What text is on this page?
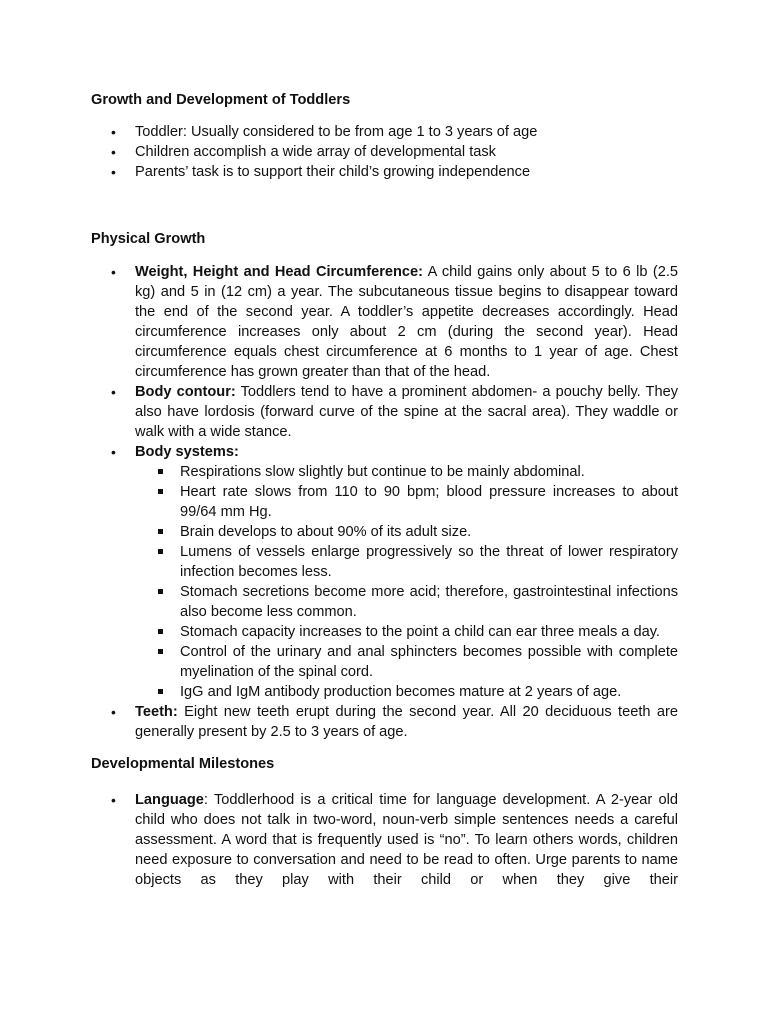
Growth and Development of Toddlers
• Toddler: Usually considered to be from age 1 to 3 years of age
• Children accomplish a wide array of developmental task
• Parents’ task is to support their child’s growing independence
Physical Growth
• Weight, Height and Head Circumference: A child gains only about 5 to 6 lb (2.5 kg) and 5 in (12 cm) a year. The subcutaneous tissue begins to disappear toward the end of the second year. A toddler’s appetite decreases accordingly. Head circumference increases only about 2 cm (during the second year). Head circumference equals chest circumference at 6 months to 1 year of age. Chest circumference has grown greater than that of the head.
• Body contour: Toddlers tend to have a prominent abdomen- a pouchy belly. They also have lordosis (forward curve of the spine at the sacral area). They waddle or walk with a wide stance.
• Body systems:
Respirations slow slightly but continue to be mainly abdominal.
Heart rate slows from 110 to 90 bpm; blood pressure increases to about 99/64 mm Hg.
Brain develops to about 90% of its adult size.
Lumens of vessels enlarge progressively so the threat of lower respiratory infection becomes less.
Stomach secretions become more acid; therefore, gastrointestinal infections also become less common.
Stomach capacity increases to the point a child can ear three meals a day.
Control of the urinary and anal sphincters becomes possible with complete myelination of the spinal cord.
IgG and IgM antibody production becomes mature at 2 years of age.
• Teeth: Eight new teeth erupt during the second year. All 20 deciduous teeth are generally present by 2.5 to 3 years of age.
Developmental Milestones
• Language: Toddlerhood is a critical time for language development. A 2-year old child who does not talk in two-word, noun-verb simple sentences needs a careful assessment. A word that is frequently used is “no”. To learn others words, children need exposure to conversation and need to be read to often. Urge parents to name objects as they play with their child or when they give their
